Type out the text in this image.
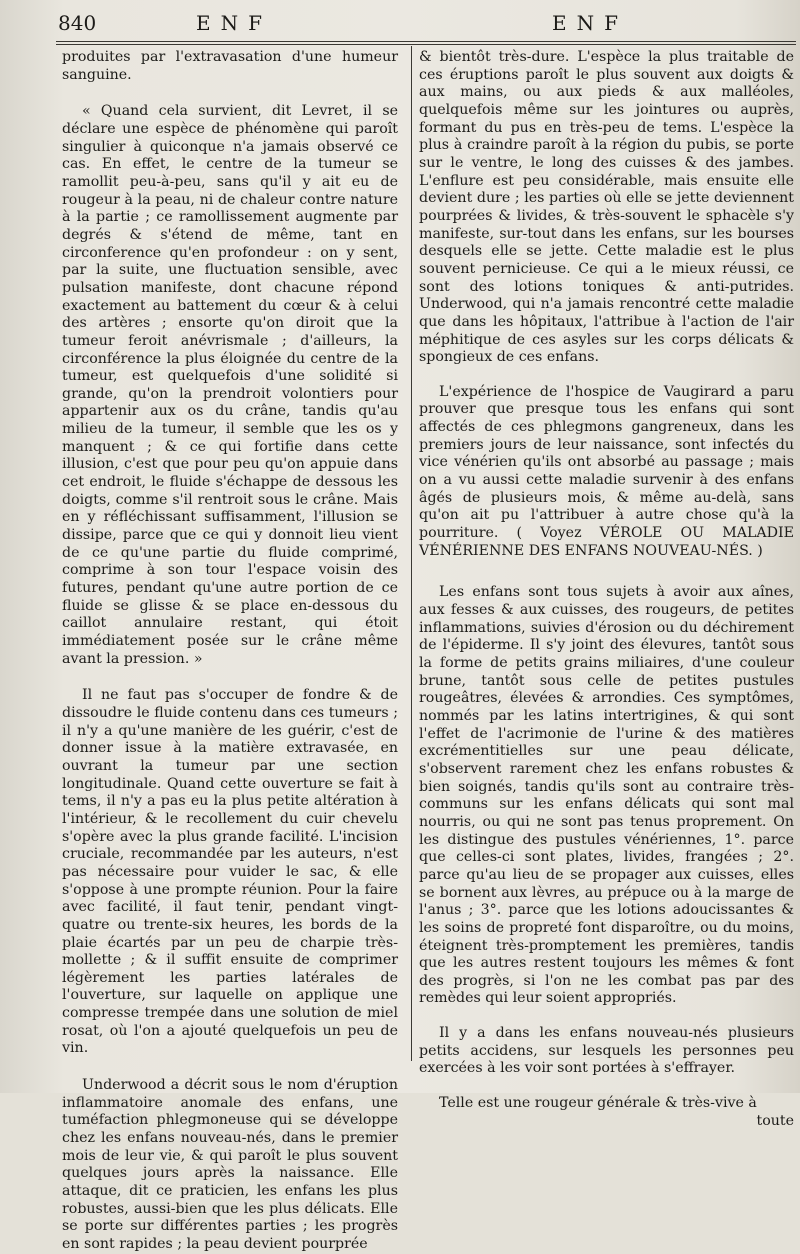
840	ENF	ENF

produites par l'extravasation d'une humeur sanguine.

« Quand cela survient, dit Levret, il se déclare une espèce de phénomène qui paroît singulier à quiconque n'a jamais observé ce cas. En effet, le centre de la tumeur se ramollit peu-à-peu, sans qu'il y ait eu de rougeur à la peau, ni de chaleur contre nature à la partie ; ce ramollissement augmente par degrés & s'étend de même, tant en circonference qu'en profondeur : on y sent, par la suite, une fluctuation sensible, avec pulsation manifeste, dont chacune répond exactement au battement du cœur & à celui des artères ; ensorte qu'on diroit que la tumeur feroit anévrismale ; d'ailleurs, la circonférence la plus éloignée du centre de la tumeur, est quelquefois d'une solidité si grande, qu'on la prendroit volontiers pour appartenir aux os du crâne, tandis qu'au milieu de la tumeur, il semble que les os y manquent ; & ce qui fortifie dans cette illusion, c'est que pour peu qu'on appuie dans cet endroit, le fluide s'échappe de dessous les doigts, comme s'il rentroit sous le crâne. Mais en y réfléchissant suffisamment, l'illusion se dissipe, parce que ce qui y donnoit lieu vient de ce qu'une partie du fluide comprimé, comprime à son tour l'espace voisin des futures, pendant qu'une autre portion de ce fluide se glisse & se place en-dessous du caillot annulaire restant, qui étoit immédiatement posée sur le crâne même avant la pression. »

Il ne faut pas s'occuper de fondre & de dissoudre le fluide contenu dans ces tumeurs ; il n'y a qu'une manière de les guérir, c'est de donner issue à la matière extravasée, en ouvrant la tumeur par une section longitudinale. Quand cette ouverture se fait à tems, il n'y a pas eu la plus petite altération à l'intérieur, & le recollement du cuir chevelu s'opère avec la plus grande facilité. L'incision cruciale, recommandée par les auteurs, n'est pas nécessaire pour vuider le sac, & elle s'oppose à une prompte réunion. Pour la faire avec facilité, il faut tenir, pendant vingt-quatre ou trente-six heures, les bords de la plaie écartés par un peu de charpie très-mollette ; & il suffit ensuite de comprimer légèrement les parties latérales de l'ouverture, sur laquelle on applique une compresse trempée dans une solution de miel rosat, où l'on a ajouté quelquefois un peu de vin.

Underwood a décrit sous le nom d'éruption inflammatoire anomale des enfans, une tuméfaction phlegmoneuse qui se développe chez les enfans nouveau-nés, dans le premier mois de leur vie, & qui paroît le plus souvent quelques jours après la naissance. Elle attaque, dit ce praticien, les enfans les plus robustes, aussi-bien que les plus délicats. Elle se porte sur différentes parties ; les progrès en sont rapides ; la peau devient pourprée

& bientôt très-dure. L'espèce la plus traitable de ces éruptions paroît le plus souvent aux doigts & aux mains, ou aux pieds & aux malléoles, quelquefois même sur les jointures ou auprès, formant du pus en très-peu de tems. L'espèce la plus à craindre paroît à la région du pubis, se porte sur le ventre, le long des cuisses & des jambes. L'enflure est peu considérable, mais ensuite elle devient dure ; les parties où elle se jette deviennent pourprées & livides, & très-souvent le sphacèle s'y manifeste, sur-tout dans les enfans, sur les bourses desquels elle se jette. Cette maladie est le plus souvent pernicieuse. Ce qui a le mieux réussi, ce sont des lotions toniques & anti-putrides. Underwood, qui n'a jamais rencontré cette maladie que dans les hôpitaux, l'attribue à l'action de l'air méphitique de ces asyles sur les corps délicats & spongieux de ces enfans.

L'expérience de l'hospice de Vaugirard a paru prouver que presque tous les enfans qui sont affectés de ces phlegmons gangreneux, dans les premiers jours de leur naissance, sont infectés du vice vénérien qu'ils ont absorbé au passage ; mais on a vu aussi cette maladie survenir à des enfans âgés de plusieurs mois, & même au-delà, sans qu'on ait pu l'attribuer à autre chose qu'à la pourriture. ( Voyez VÉROLE OU MALADIE VÉNÉRIENNE DES ENFANS NOUVEAU-NÉS. )

Les enfans sont tous sujets à avoir aux aînes, aux fesses & aux cuisses, des rougeurs, de petites inflammations, suivies d'érosion ou du déchirement de l'épiderme. Il s'y joint des élevures, tantôt sous la forme de petits grains miliaires, d'une couleur brune, tantôt sous celle de petites pustules rougeâtres, élevées & arrondies. Ces symptômes, nommés par les latins intertrigines, & qui sont l'effet de l'acrimonie de l'urine & des matières excrémentitielles sur une peau délicate, s'observent rarement chez les enfans robustes & bien soignés, tandis qu'ils sont au contraire très-communs sur les enfans délicats qui sont mal nourris, ou qui ne sont pas tenus proprement. On les distingue des pustules vénériennes, 1°. parce que celles-ci sont plates, livides, frangées ; 2°. parce qu'au lieu de se propager aux cuisses, elles se bornent aux lèvres, au prépuce ou à la marge de l'anus ; 3°. parce que les lotions adoucissantes & les soins de propreté font disparoître, ou du moins, éteignent très-promptement les premières, tandis que les autres restent toujours les mêmes & font des progrès, si l'on ne les combat pas par des remèdes qui leur soient appropriés.

Il y a dans les enfans nouveau-nés plusieurs petits accidens, sur lesquels les personnes peu exercées à les voir sont portées à s'effrayer.

Telle est une rougeur générale & très-vive à

toute
